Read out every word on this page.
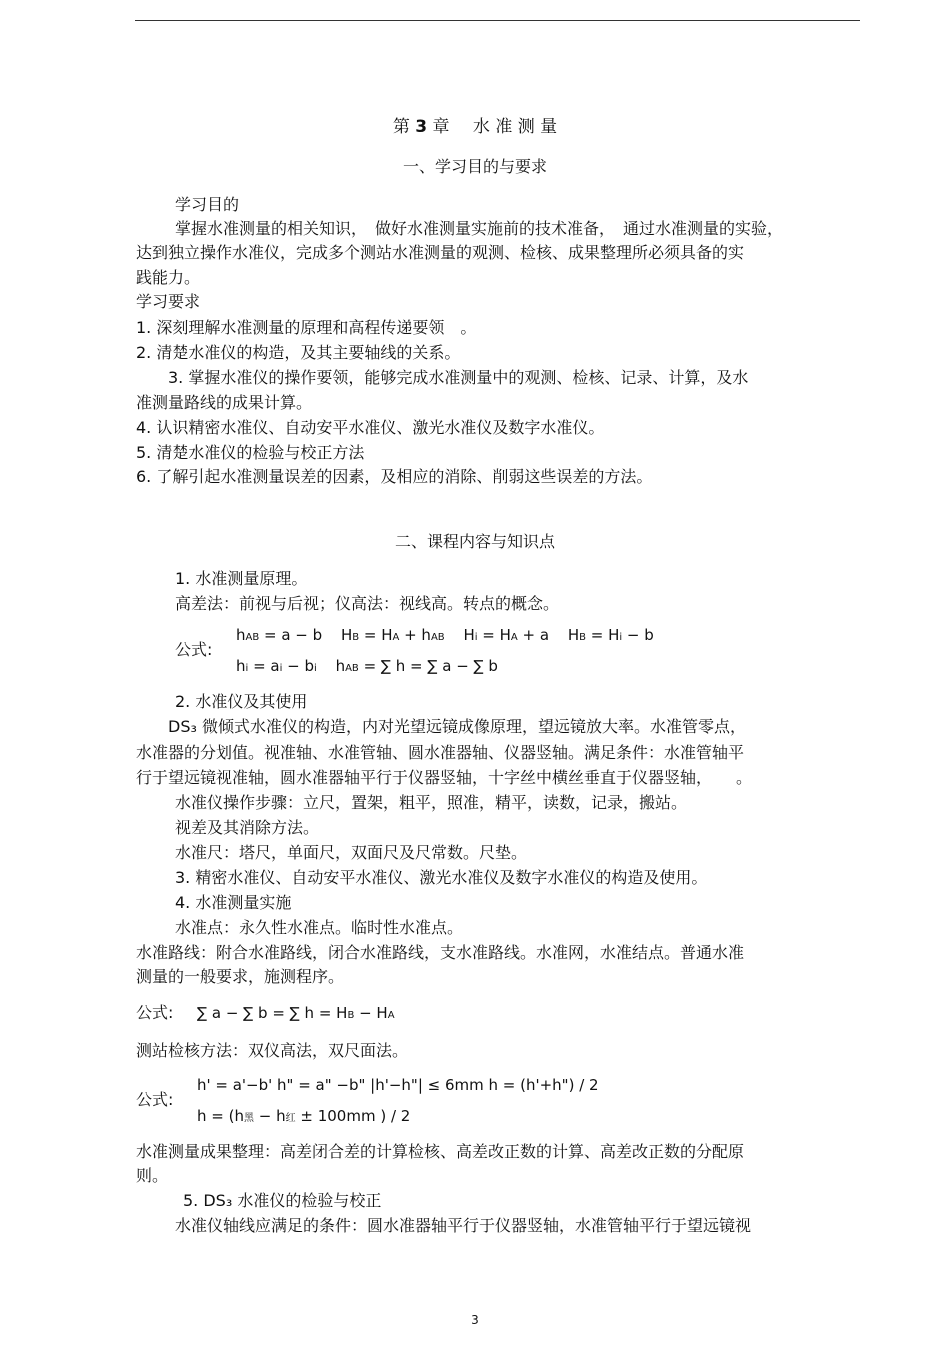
第 3 章 水 准 测 量
一、学习目的与要求
学习目的
掌握水准测量的相关知识，　做好水准测量实施前的技术准备，　通过水准测量的实验，
达到独立操作水准仪，完成多个测站水准测量的观测、检核、成果整理所必须具备的实
践能力。
学习要求
1. 深刻理解水准测量的原理和高程传递要领　。
2. 清楚水准仪的构造，及其主要轴线的关系。
3. 掌握水准仪的操作要领，能够完成水准测量中的观测、检核、记录、计算，及水
准测量路线的成果计算。
4. 认识精密水准仪、自动安平水准仪、激光水准仪及数字水准仪。
5. 清楚水准仪的检验与校正方法
6. 了解引起水准测量误差的因素，及相应的消除、削弱这些误差的方法。
二、课程内容与知识点
1. 水准测量原理。
高差法：前视与后视；仪高法：视线高。转点的概念。
公式:
hAB = a − b HB = HA + hAB Hi = HA + a HB = Hi − b
hi = ai − bi hAB = ∑ h = ∑ a − ∑ b
2. 水准仪及其使用
DS₃ 微倾式水准仪的构造，内对光望远镜成像原理，望远镜放大率。水准管零点，
水准器的分划值。视准轴、水准管轴、圆水准器轴、仪器竖轴。满足条件：水准管轴平
行于望远镜视准轴，圆水准器轴平行于仪器竖轴，十字丝中横丝垂直于仪器竖轴，　　。
水准仪操作步骤：立尺，置架，粗平，照准，精平，读数，记录，搬站。
视差及其消除方法。
水准尺：塔尺，单面尺，双面尺及尺常数。尺垫。
3. 精密水准仪、自动安平水准仪、激光水准仪及数字水准仪的构造及使用。
4. 水准测量实施
水准点：永久性水准点。临时性水准点。
水准路线：附合水准路线，闭合水准路线，支水准路线。水准网，水准结点。普通水准
测量的一般要求，施测程序。
公式: ∑ a − ∑ b = ∑ h = HB − HA
测站检核方法：双仪高法，双尺面法。
公式:
h' = a'−b' h" = a" −b" |h'−h"| ≤ 6mm h = (h'+h") / 2
h = (h黑 − h红 ± 100mm ) / 2
水准测量成果整理：高差闭合差的计算检核、高差改正数的计算、高差改正数的分配原
则。
5. DS₃ 水准仪的检验与校正
水准仪轴线应满足的条件：圆水准器轴平行于仪器竖轴，水准管轴平行于望远镜视
3
